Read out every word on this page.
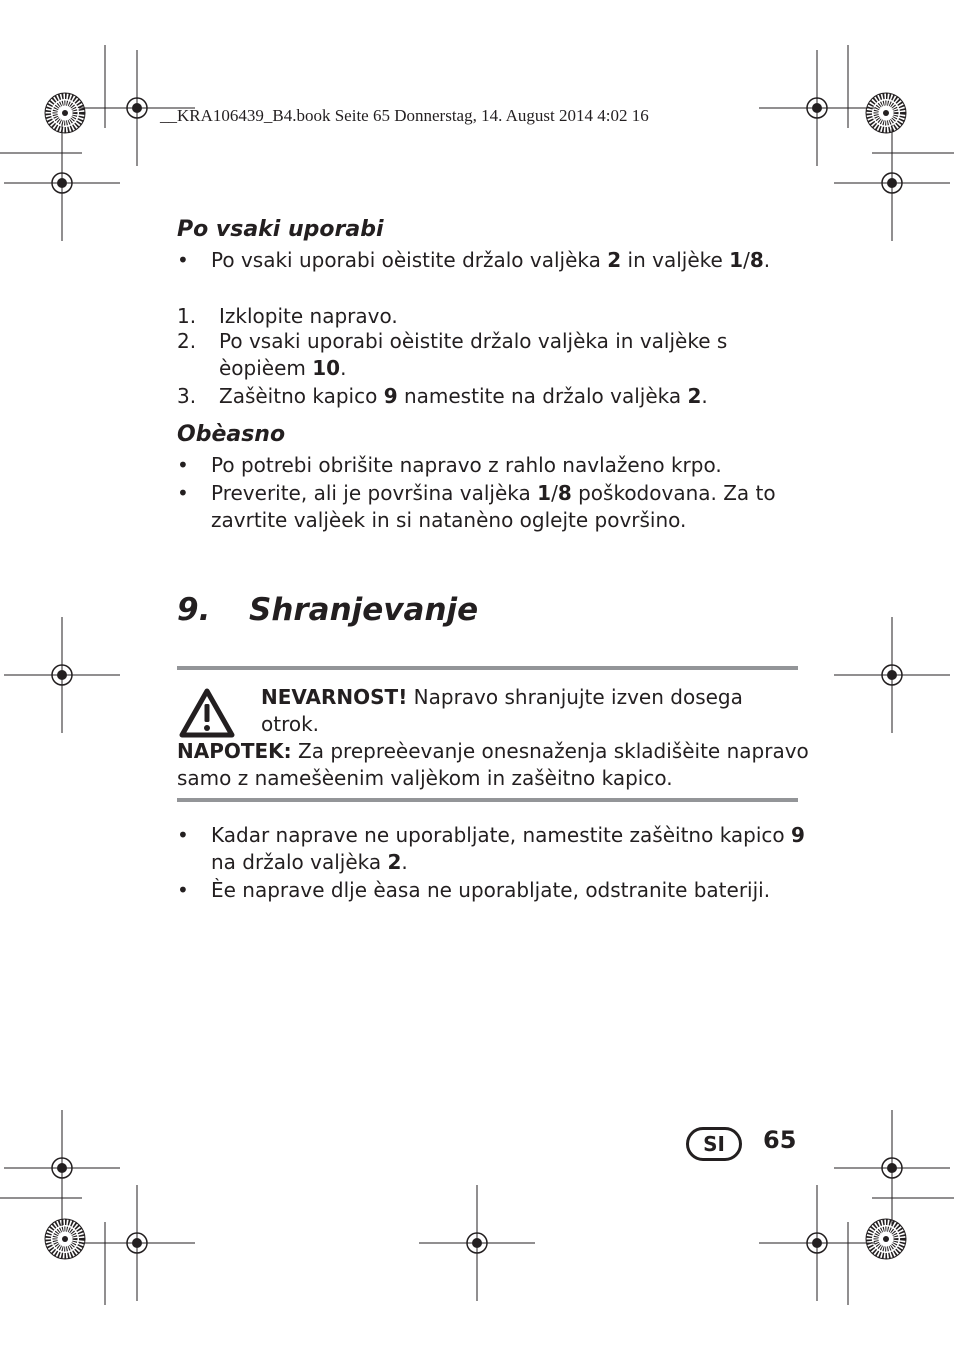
__KRA106439_B4.book Seite 65 Donnerstag, 14. August 2014 4:02 16
Po vsaki uporabi
•	Po vsaki uporabi oèistite držalo valjèka 2 in valjèke 1/8.
1. Izklopite napravo.
2. Po vsaki uporabi oèistite držalo valjèka in valjèke s
èopièem 10.
3. Zašèitno kapico 9 namestite na držalo valjèka 2.
Obèasno
•	Po potrebi obrišite napravo z rahlo navlaženo krpo.
•	Preverite, ali je površina valjèka 1/8 poškodovana. Za to
zavrtite valjèek in si natanèno oglejte površino.
9. Shranjevanje
NEVARNOST! Napravo shranjujte izven dosega
otrok.
NAPOTEK: Za prepreèevanje onesnaženja skladišèite napravo
samo z namešèenim valjèkom in zašèitno kapico.
•	Kadar naprave ne uporabljate, namestite zašèitno kapico 9
na držalo valjèka 2.
•	Èe naprave dlje èasa ne uporabljate, odstranite bateriji.
SI	65
